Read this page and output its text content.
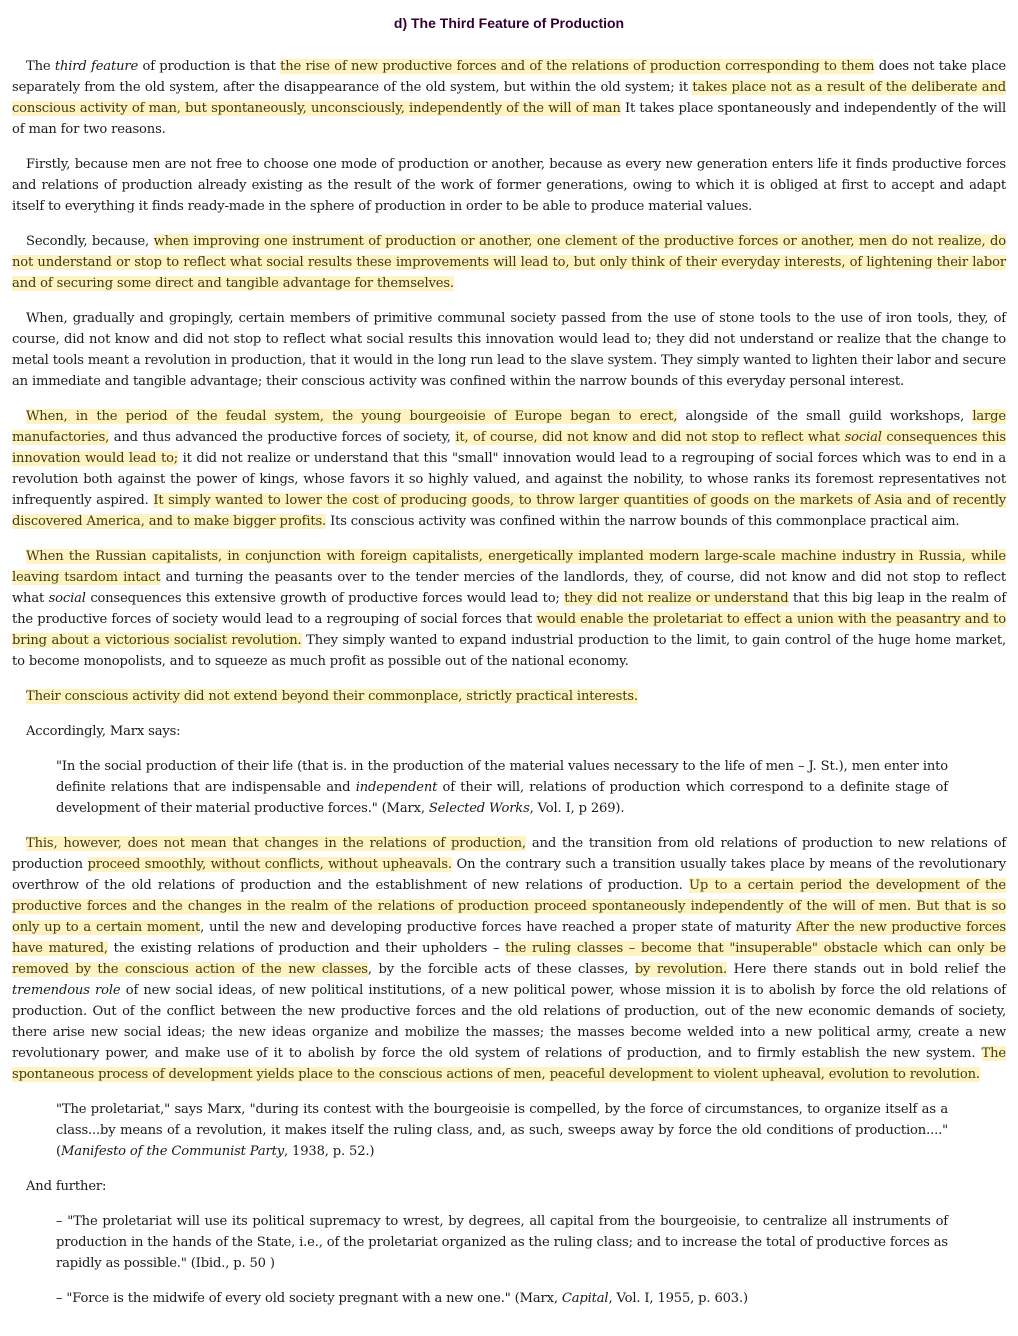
d) The Third Feature of Production

The third feature of production is that the rise of new productive forces and of the relations of production corresponding to them does not take place separately from the old system, after the disappearance of the old system, but within the old system; it takes place not as a result of the deliberate and conscious activity of man, but spontaneously, unconsciously, independently of the will of man It takes place spontaneously and independently of the will of man for two reasons.

Firstly, because men are not free to choose one mode of production or another, because as every new generation enters life it finds productive forces and relations of production already existing as the result of the work of former generations, owing to which it is obliged at first to accept and adapt itself to everything it finds ready-made in the sphere of production in order to be able to produce material values.

Secondly, because, when improving one instrument of production or another, one clement of the productive forces or another, men do not realize, do not understand or stop to reflect what social results these improvements will lead to, but only think of their everyday interests, of lightening their labor and of securing some direct and tangible advantage for themselves.

When, gradually and gropingly, certain members of primitive communal society passed from the use of stone tools to the use of iron tools, they, of course, did not know and did not stop to reflect what social results this innovation would lead to; they did not understand or realize that the change to metal tools meant a revolution in production, that it would in the long run lead to the slave system. They simply wanted to lighten their labor and secure an immediate and tangible advantage; their conscious activity was confined within the narrow bounds of this everyday personal interest.

When, in the period of the feudal system, the young bourgeoisie of Europe began to erect, alongside of the small guild workshops, large manufactories, and thus advanced the productive forces of society, it, of course, did not know and did not stop to reflect what social consequences this innovation would lead to; it did not realize or understand that this "small" innovation would lead to a regrouping of social forces which was to end in a revolution both against the power of kings, whose favors it so highly valued, and against the nobility, to whose ranks its foremost representatives not infrequently aspired. It simply wanted to lower the cost of producing goods, to throw larger quantities of goods on the markets of Asia and of recently discovered America, and to make bigger profits. Its conscious activity was confined within the narrow bounds of this commonplace practical aim.

When the Russian capitalists, in conjunction with foreign capitalists, energetically implanted modern large-scale machine industry in Russia, while leaving tsardom intact and turning the peasants over to the tender mercies of the landlords, they, of course, did not know and did not stop to reflect what social consequences this extensive growth of productive forces would lead to; they did not realize or understand that this big leap in the realm of the productive forces of society would lead to a regrouping of social forces that would enable the proletariat to effect a union with the peasantry and to bring about a victorious socialist revolution. They simply wanted to expand industrial production to the limit, to gain control of the huge home market, to become monopolists, and to squeeze as much profit as possible out of the national economy.

Their conscious activity did not extend beyond their commonplace, strictly practical interests.

Accordingly, Marx says:

"In the social production of their life (that is. in the production of the material values necessary to the life of men – J. St.), men enter into definite relations that are indispensable and independent of their will, relations of production which correspond to a definite stage of development of their material productive forces." (Marx, Selected Works, Vol. I, p 269).

This, however, does not mean that changes in the relations of production, and the transition from old relations of production to new relations of production proceed smoothly, without conflicts, without upheavals. On the contrary such a transition usually takes place by means of the revolutionary overthrow of the old relations of production and the establishment of new relations of production. Up to a certain period the development of the productive forces and the changes in the realm of the relations of production proceed spontaneously independently of the will of men. But that is so only up to a certain moment, until the new and developing productive forces have reached a proper state of maturity After the new productive forces have matured, the existing relations of production and their upholders – the ruling classes – become that "insuperable" obstacle which can only be removed by the conscious action of the new classes, by the forcible acts of these classes, by revolution. Here there stands out in bold relief the tremendous role of new social ideas, of new political institutions, of a new political power, whose mission it is to abolish by force the old relations of production. Out of the conflict between the new productive forces and the old relations of production, out of the new economic demands of society, there arise new social ideas; the new ideas organize and mobilize the masses; the masses become welded into a new political army, create a new revolutionary power, and make use of it to abolish by force the old system of relations of production, and to firmly establish the new system. The spontaneous process of development yields place to the conscious actions of men, peaceful development to violent upheaval, evolution to revolution.

"The proletariat," says Marx, "during its contest with the bourgeoisie is compelled, by the force of circumstances, to organize itself as a class...by means of a revolution, it makes itself the ruling class, and, as such, sweeps away by force the old conditions of production...." (Manifesto of the Communist Party, 1938, p. 52.)

And further:

– "The proletariat will use its political supremacy to wrest, by degrees, all capital from the bourgeoisie, to centralize all instruments of production in the hands of the State, i.e., of the proletariat organized as the ruling class; and to increase the total of productive forces as rapidly as possible." (Ibid., p. 50 )

– "Force is the midwife of every old society pregnant with a new one." (Marx, Capital, Vol. I, 1955, p. 603.)
